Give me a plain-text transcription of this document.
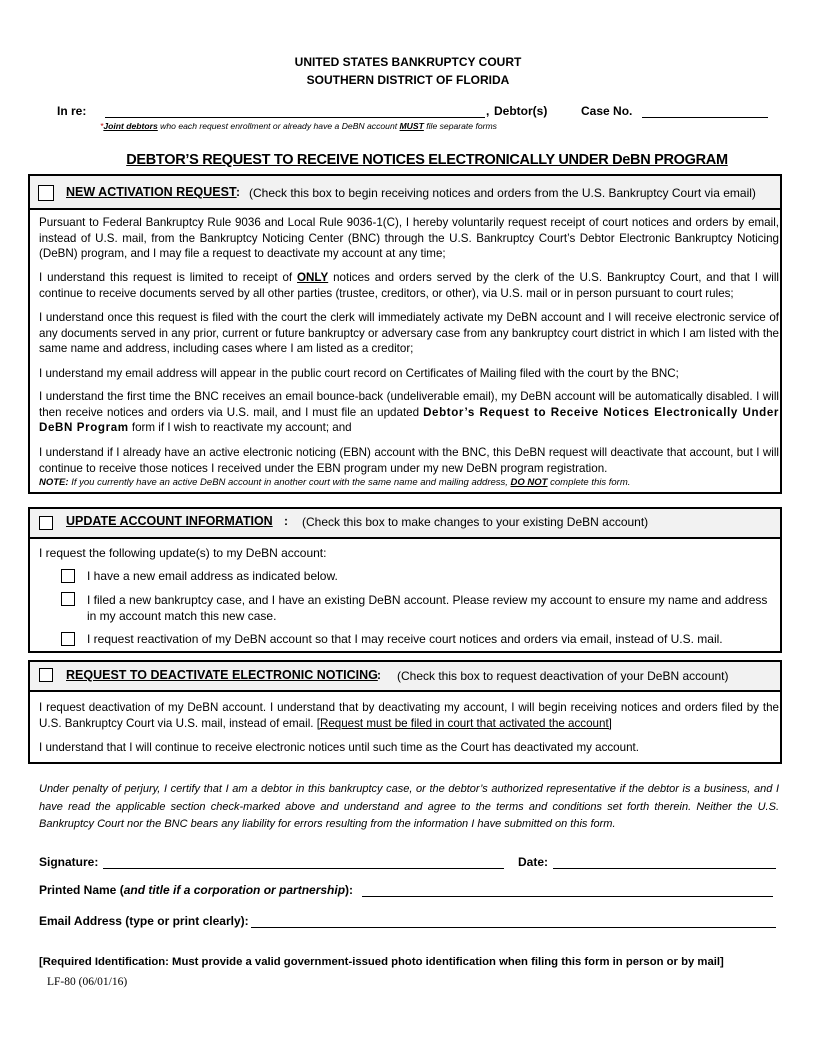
UNITED STATES BANKRUPTCY COURT
SOUTHERN DISTRICT OF FLORIDA
In re:	, Debtor(s)	Case No.
*Joint debtors who each request enrollment or already have a DeBN account MUST file separate forms
DEBTOR’S REQUEST TO RECEIVE NOTICES ELECTRONICALLY UNDER DeBN PROGRAM
NEW ACTIVATION REQUEST : (Check this box to begin receiving notices and orders from the U.S. Bankruptcy Court via email)
Pursuant to Federal Bankruptcy Rule 9036 and Local Rule 9036-1(C), I hereby voluntarily request receipt of court notices and orders by email, instead of U.S. mail, from the Bankruptcy Noticing Center (BNC) through the U.S. Bankruptcy Court’s Debtor Electronic Bankruptcy Noticing (DeBN) program, and I may file a request to deactivate my account at any time;
I understand this request is limited to receipt of ONLY notices and orders served by the clerk of the U.S. Bankruptcy Court, and that I will continue to receive documents served by all other parties (trustee, creditors, or other), via U.S. mail or in person pursuant to court rules;
I understand once this request is filed with the court the clerk will immediately activate my DeBN account and I will receive electronic service of any documents served in any prior, current or future bankruptcy or adversary case from any bankruptcy court district in which I am listed with the same name and address, including cases where I am listed as a creditor;
I understand my email address will appear in the public court record on Certificates of Mailing filed with the court by the BNC;
I understand the first time the BNC receives an email bounce-back (undeliverable email), my DeBN account will be automatically disabled. I will then receive notices and orders via U.S. mail, and I must file an updated Debtor’s Request to Receive Notices Electronically Under DeBN Program form if I wish to reactivate my account; and
I understand if I already have an active electronic noticing (EBN) account with the BNC, this DeBN request will deactivate that account, but I will continue to receive those notices I received under the EBN program under my new DeBN program registration.
NOTE: If you currently have an active DeBN account in another court with the same name and mailing address, DO NOT complete this form.
UPDATE ACCOUNT INFORMATION : (Check this box to make changes to your existing DeBN account)
I request the following update(s) to my DeBN account:
I have a new email address as indicated below.
I filed a new bankruptcy case, and I have an existing DeBN account. Please review my account to ensure my name and address in my account match this new case.
I request reactivation of my DeBN account so that I may receive court notices and orders via email, instead of U.S. mail.
REQUEST TO DEACTIVATE ELECTRONIC NOTICING : (Check this box to request deactivation of your DeBN account)
I request deactivation of my DeBN account. I understand that by deactivating my account, I will begin receiving notices and orders filed by the U.S. Bankruptcy Court via U.S. mail, instead of email. [Request must be filed in court that activated the account]
I understand that I will continue to receive electronic notices until such time as the Court has deactivated my account.
Under penalty of perjury, I certify that I am a debtor in this bankruptcy case, or the debtor’s authorized representative if the debtor is a business, and I have read the applicable section check-marked above and understand and agree to the terms and conditions set forth therein. Neither the U.S. Bankruptcy Court nor the BNC bears any liability for errors resulting from the information I have submitted on this form.
Signature:	Date:
Printed Name (and title if a corporation or partnership):
Email Address (type or print clearly):
[Required Identification: Must provide a valid government-issued photo identification when filing this form in person or by mail]
LF-80 (06/01/16)
